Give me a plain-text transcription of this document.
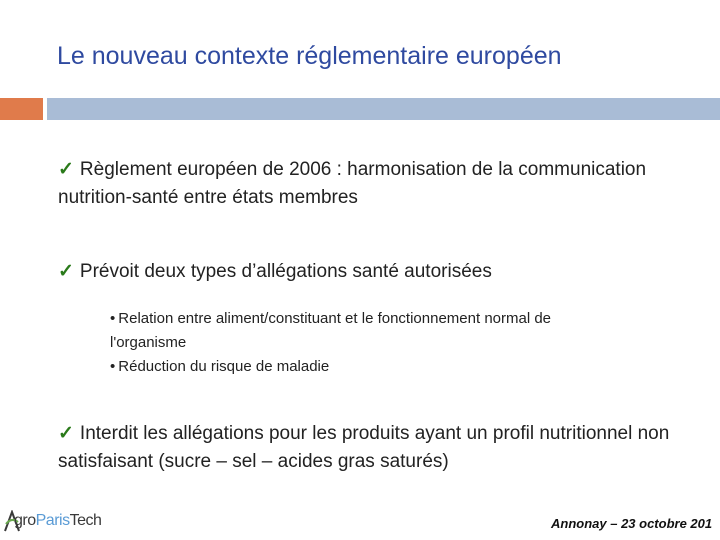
Le nouveau contexte réglementaire européen
✓ Règlement européen de 2006 : harmonisation de la communication nutrition-santé entre états membres
✓ Prévoit deux types d’allégations santé autorisées
• Relation entre aliment/constituant et le fonctionnement normal de l'organisme
• Réduction du risque de maladie
✓ Interdit les allégations pour les produits ayant un profil nutritionnel non satisfaisant (sucre – sel – acides gras saturés)
groParisTech	Annonay – 23 octobre 201
